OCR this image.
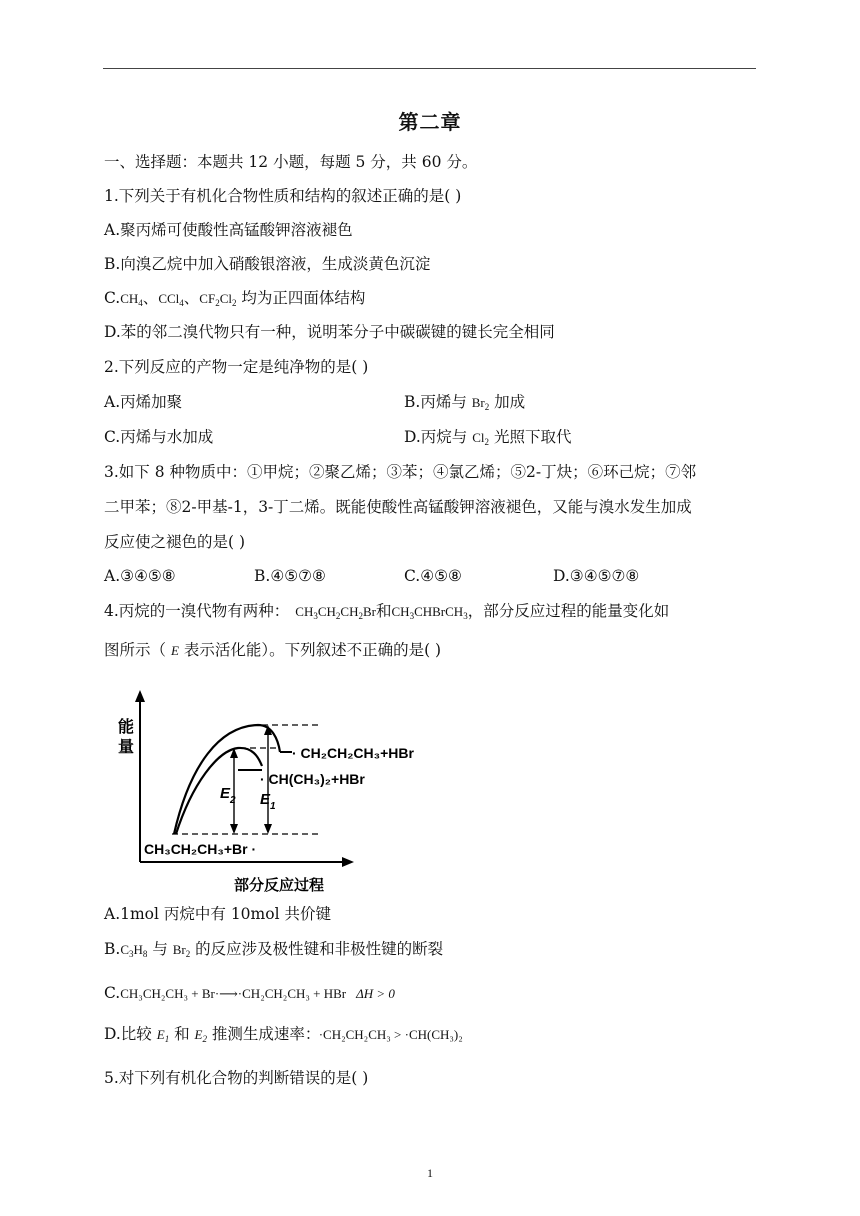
第二章
一、选择题：本题共 12 小题，每题 5 分，共 60 分。
1.下列关于有机化合物性质和结构的叙述正确的是( )
A.聚丙烯可使酸性高锰酸钾溶液褪色
B.向溴乙烷中加入硝酸银溶液，生成淡黄色沉淀
$C.CH_4$、CCl$_4$、$CF_2Cl_2$ 均为正四面体结构
D.苯的邻二溴代物只有一种，说明苯分子中碳碳键的键长完全相同
2.下列反应的产物一定是纯净物的是( )
A.丙烯加聚	B.丙烯与 $Br_2$ 加成
C.丙烯与水加成	D.丙烷与 $Cl_2$ 光照下取代
3.如下 8 种物质中：①甲烷；②聚乙烯；③苯；④氯乙烯；⑤2-丁炔；⑥环己烷；⑦邻
二甲苯；⑧2-甲基-1，3-丁二烯。既能使酸性高锰酸钾溶液褪色，又能与溴水发生加成
反应使之褪色的是( )
A.③④⑤⑧	B.④⑤⑦⑧	C.④⑤⑧	D.③④⑤⑦⑧
4.丙烷的一溴代物有两种： $CH_3CH_2CH_2Br$和$CH_3CHBrCH_3$，部分反应过程的能量变化如
图所示（ E 表示活化能）。下列叙述不正确的是( )
能
量
部分反应过程
$E_2$ $E_1$
· CH₂CH₂CH₃+HBr
· CH(CH₃)₂+HBr
CH₃CH₂CH₃+Br ·
A.1mol 丙烷中有 10mol 共价键
$B.C_3H_8$ 与 $Br_2$ 的反应涉及极性键和非极性键的断裂
C.CH₃CH₂CH₃ + Br·⟶·CH₂CH₂CH₃ + HBr ΔH > 0
D.比较 $E_1$ 和 $E_2$ 推测生成速率： ·CH₂CH₂CH₃ > ·CH(CH₃)₂
5.对下列有机化合物的判断错误的是( )
1
